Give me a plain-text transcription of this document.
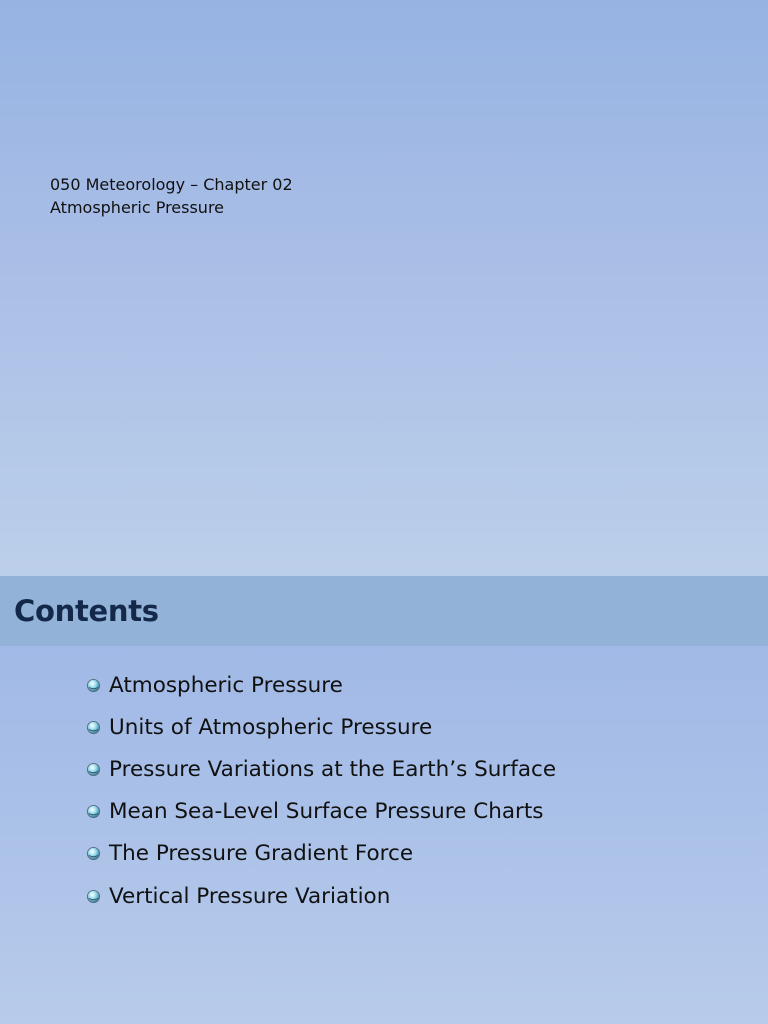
050 Meteorology – Chapter 02
Atmospheric Pressure
Contents
Atmospheric Pressure
Units of Atmospheric Pressure
Pressure Variations at the Earth’s Surface
Mean Sea-Level Surface Pressure Charts
The Pressure Gradient Force
Vertical Pressure Variation
